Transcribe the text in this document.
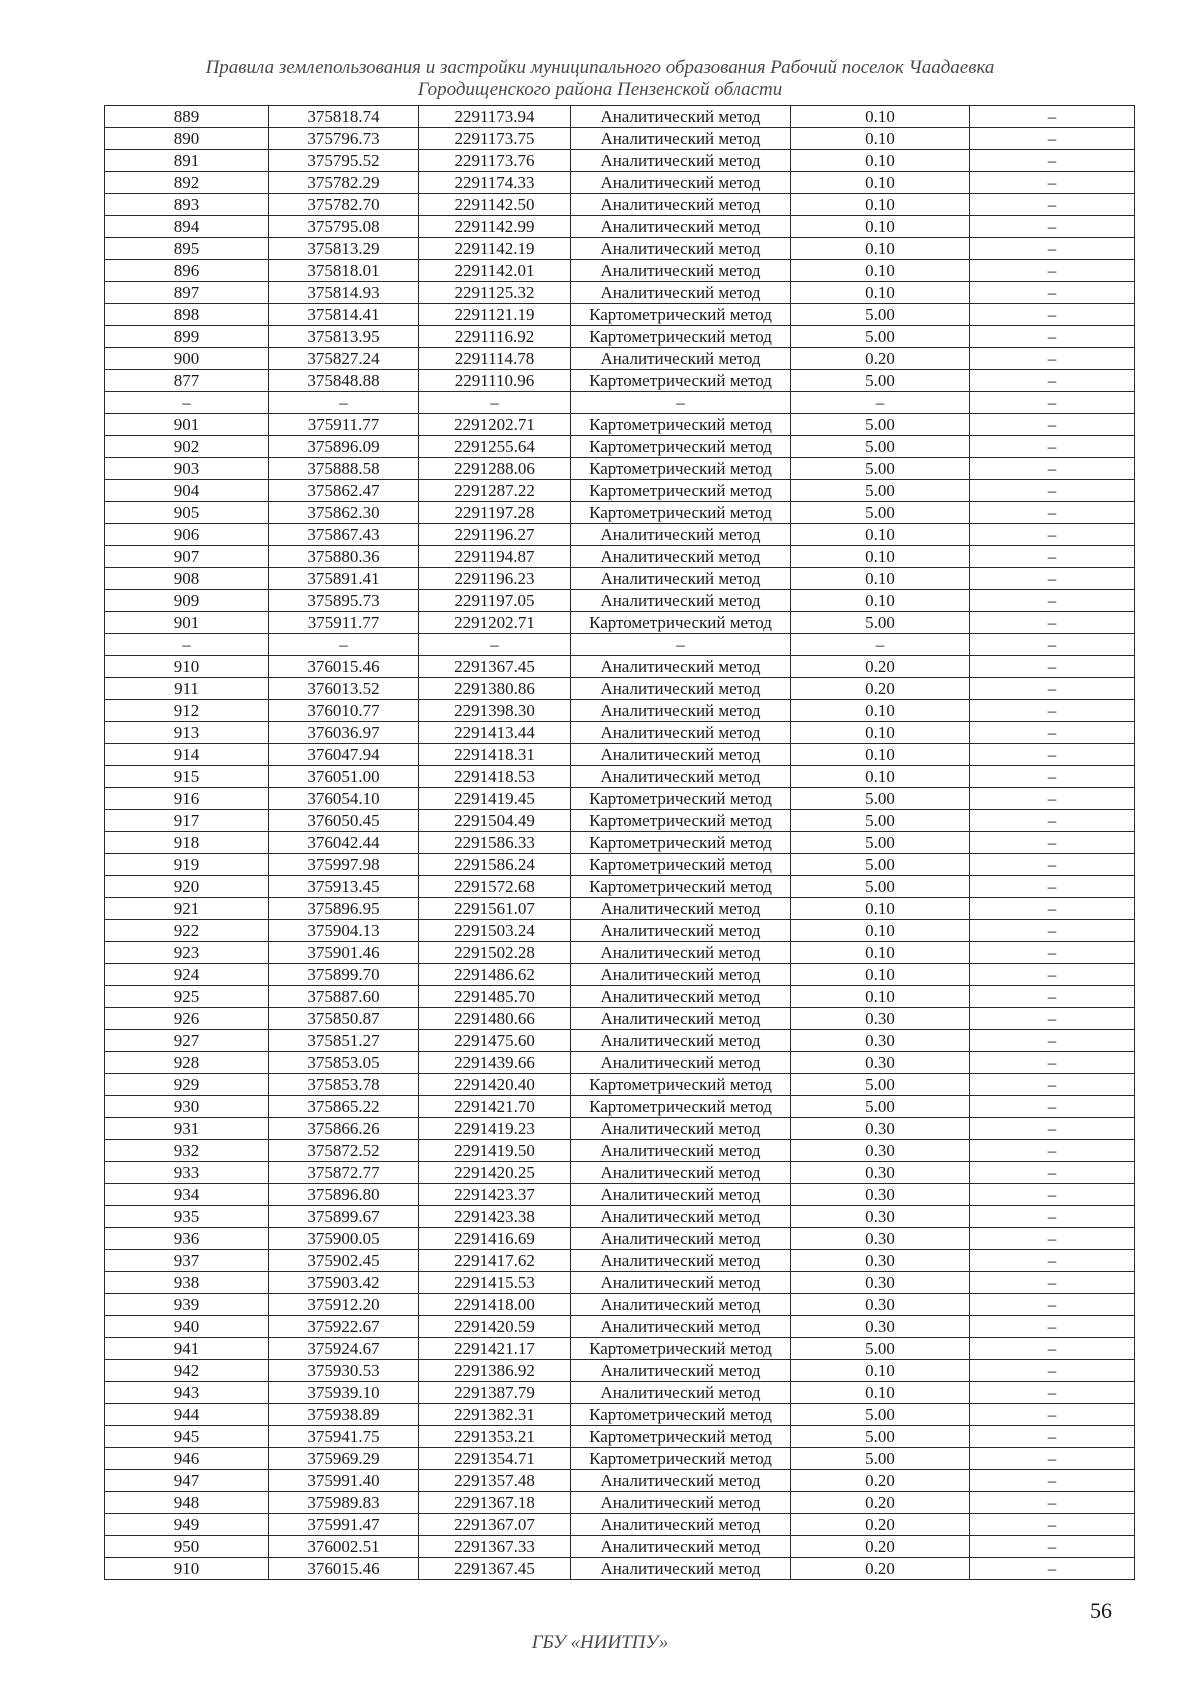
Правила землепользования и застройки муниципального образования Рабочий поселок Чаадаевка
Городищенского района Пензенской области
889	375818.74	2291173.94	Аналитический метод	0.10	–
890	375796.73	2291173.75	Аналитический метод	0.10	–
891	375795.52	2291173.76	Аналитический метод	0.10	–
892	375782.29	2291174.33	Аналитический метод	0.10	–
893	375782.70	2291142.50	Аналитический метод	0.10	–
894	375795.08	2291142.99	Аналитический метод	0.10	–
895	375813.29	2291142.19	Аналитический метод	0.10	–
896	375818.01	2291142.01	Аналитический метод	0.10	–
897	375814.93	2291125.32	Аналитический метод	0.10	–
898	375814.41	2291121.19	Картометрический метод	5.00	–
899	375813.95	2291116.92	Картометрический метод	5.00	–
900	375827.24	2291114.78	Аналитический метод	0.20	–
877	375848.88	2291110.96	Картометрический метод	5.00	–
–	–	–	–	–	–
901	375911.77	2291202.71	Картометрический метод	5.00	–
902	375896.09	2291255.64	Картометрический метод	5.00	–
903	375888.58	2291288.06	Картометрический метод	5.00	–
904	375862.47	2291287.22	Картометрический метод	5.00	–
905	375862.30	2291197.28	Картометрический метод	5.00	–
906	375867.43	2291196.27	Аналитический метод	0.10	–
907	375880.36	2291194.87	Аналитический метод	0.10	–
908	375891.41	2291196.23	Аналитический метод	0.10	–
909	375895.73	2291197.05	Аналитический метод	0.10	–
901	375911.77	2291202.71	Картометрический метод	5.00	–
–	–	–	–	–	–
910	376015.46	2291367.45	Аналитический метод	0.20	–
911	376013.52	2291380.86	Аналитический метод	0.20	–
912	376010.77	2291398.30	Аналитический метод	0.10	–
913	376036.97	2291413.44	Аналитический метод	0.10	–
914	376047.94	2291418.31	Аналитический метод	0.10	–
915	376051.00	2291418.53	Аналитический метод	0.10	–
916	376054.10	2291419.45	Картометрический метод	5.00	–
917	376050.45	2291504.49	Картометрический метод	5.00	–
918	376042.44	2291586.33	Картометрический метод	5.00	–
919	375997.98	2291586.24	Картометрический метод	5.00	–
920	375913.45	2291572.68	Картометрический метод	5.00	–
921	375896.95	2291561.07	Аналитический метод	0.10	–
922	375904.13	2291503.24	Аналитический метод	0.10	–
923	375901.46	2291502.28	Аналитический метод	0.10	–
924	375899.70	2291486.62	Аналитический метод	0.10	–
925	375887.60	2291485.70	Аналитический метод	0.10	–
926	375850.87	2291480.66	Аналитический метод	0.30	–
927	375851.27	2291475.60	Аналитический метод	0.30	–
928	375853.05	2291439.66	Аналитический метод	0.30	–
929	375853.78	2291420.40	Картометрический метод	5.00	–
930	375865.22	2291421.70	Картометрический метод	5.00	–
931	375866.26	2291419.23	Аналитический метод	0.30	–
932	375872.52	2291419.50	Аналитический метод	0.30	–
933	375872.77	2291420.25	Аналитический метод	0.30	–
934	375896.80	2291423.37	Аналитический метод	0.30	–
935	375899.67	2291423.38	Аналитический метод	0.30	–
936	375900.05	2291416.69	Аналитический метод	0.30	–
937	375902.45	2291417.62	Аналитический метод	0.30	–
938	375903.42	2291415.53	Аналитический метод	0.30	–
939	375912.20	2291418.00	Аналитический метод	0.30	–
940	375922.67	2291420.59	Аналитический метод	0.30	–
941	375924.67	2291421.17	Картометрический метод	5.00	–
942	375930.53	2291386.92	Аналитический метод	0.10	–
943	375939.10	2291387.79	Аналитический метод	0.10	–
944	375938.89	2291382.31	Картометрический метод	5.00	–
945	375941.75	2291353.21	Картометрический метод	5.00	–
946	375969.29	2291354.71	Картометрический метод	5.00	–
947	375991.40	2291357.48	Аналитический метод	0.20	–
948	375989.83	2291367.18	Аналитический метод	0.20	–
949	375991.47	2291367.07	Аналитический метод	0.20	–
950	376002.51	2291367.33	Аналитический метод	0.20	–
910	376015.46	2291367.45	Аналитический метод	0.20	–
56
ГБУ «НИИТПУ»
